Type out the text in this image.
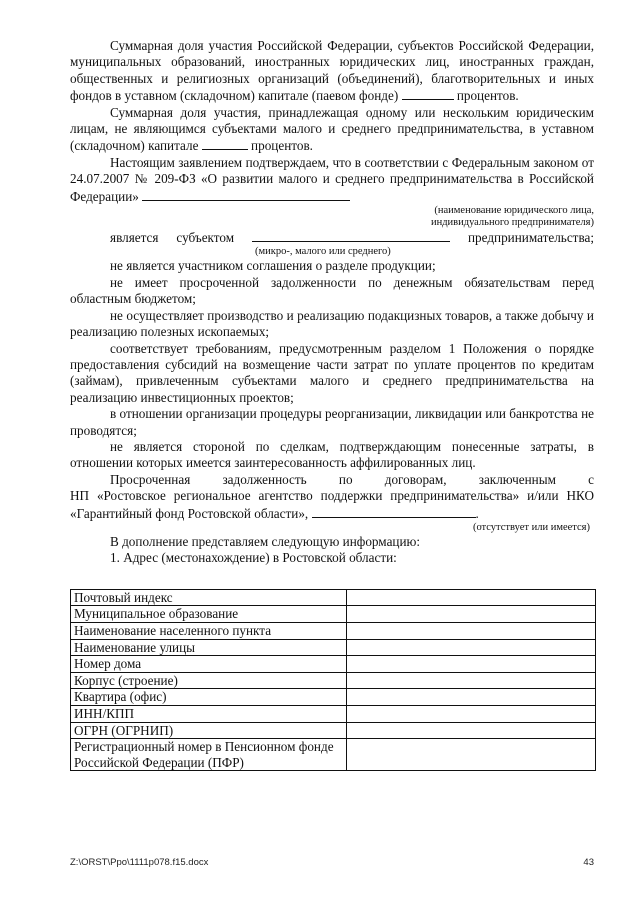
Суммарная доля участия Российской Федерации, субъектов Российской Федерации, муниципальных образований, иностранных юридических лиц, иностранных граждан, общественных и религиозных организаций (объединений), благотворительных и иных фондов в уставном (складочном) капитале (паевом фонде)	процентов.

Суммарная доля участия, принадлежащая одному или нескольким юридическим лицам, не являющимся субъектами малого и среднего предпринимательства, в уставном (складочном) капитале	процентов.

Настоящим заявлением подтверждаем, что в соответствии с Федеральным законом от 24.07.2007 № 209-ФЗ «О развитии малого и среднего предпринимательства в Российской Федерации»

(наименование юридического лица,

индивидуального предпринимателя)

является субъектом	предпринимательства;

(микро-, малого или среднего)

не является участником соглашения о разделе продукции;

не имеет просроченной задолженности по денежным обязательствам перед областным бюджетом;

не осуществляет производство и реализацию подакцизных товаров, а также добычу и реализацию полезных ископаемых;

соответствует требованиям, предусмотренным разделом 1 Положения о порядке предоставления субсидий на возмещение части затрат по уплате процентов по кредитам (займам), привлеченным субъектами малого и среднего предпринимательства на реализацию инвестиционных проектов;

в отношении организации процедуры реорганизации, ликвидации или банкротства не проводятся;

не является стороной по сделкам, подтверждающим понесенные затраты, в отношении которых имеется заинтересованность аффилированных лиц.

Просроченная задолженность по договорам, заключенным с

НП «Ростовское региональное агентство поддержки предпринимательства» и/или НКО «Гарантийный фонд Ростовской области»,	.

(отсутствует или имеется)

В дополнение представляем следующую информацию:

1. Адрес (местонахождение) в Ростовской области:

Почтовый индекс	
Муниципальное образование	
Наименование населенного пункта	
Наименование улицы	
Номер дома	
Корпус (строение)	
Квартира (офис)	
ИНН/КПП	
ОГРН (ОГРНИП)	
Регистрационный номер в Пенсионном фонде Российской Федерации (ПФР)	
Z:\ORST\Ppo\1111p078.f15.docx	43
